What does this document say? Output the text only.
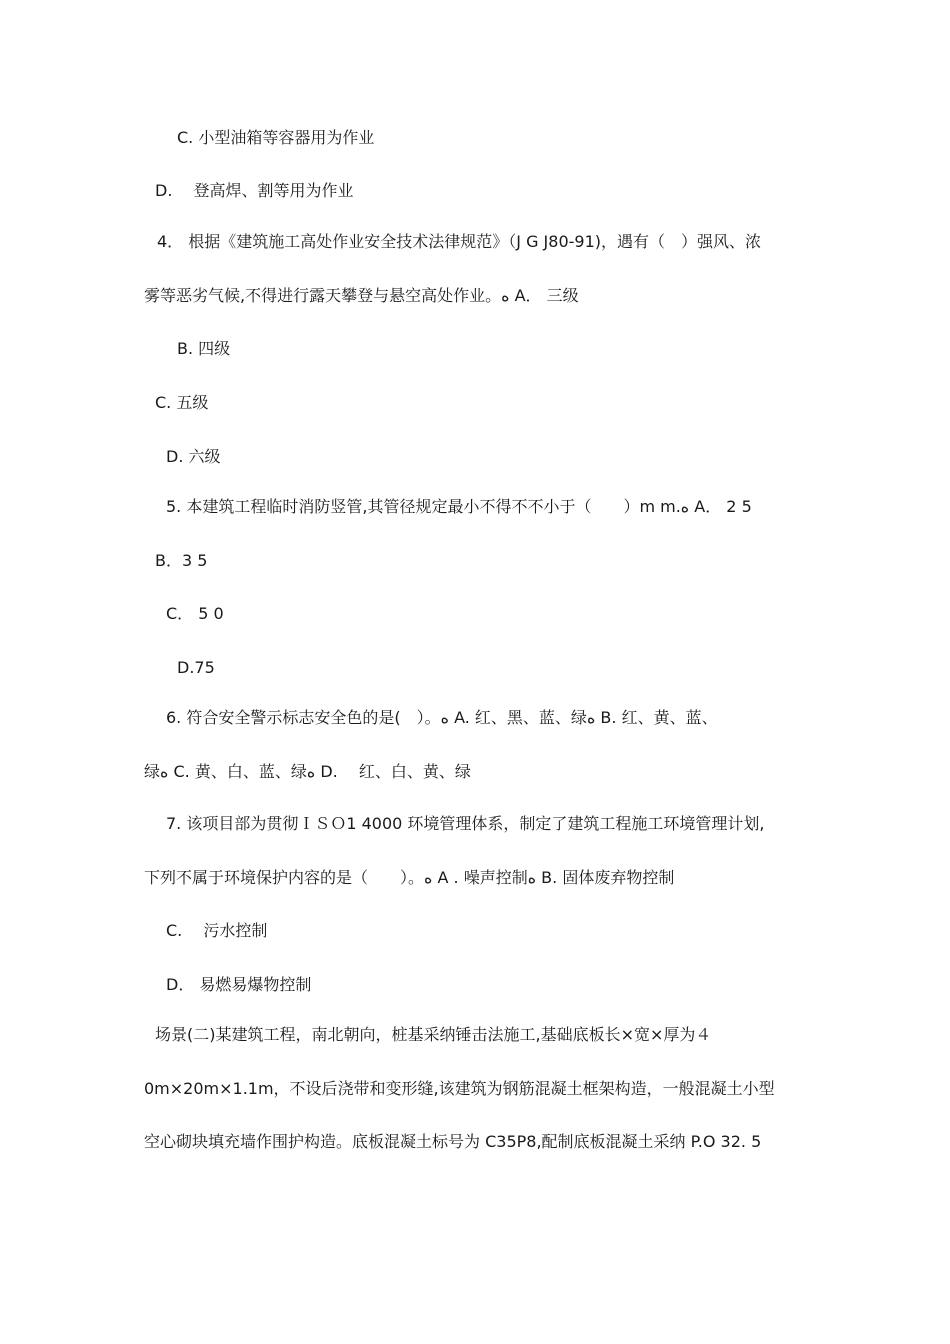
C. 小型油箱等容器用为作业
D.　 登高焊、割等用为作业
4． 根据《建筑施工高处作业安全技术法律规范》（J G J80-91)，遇有（　）强风、浓
雾等恶劣气候,不得进行露天攀登与悬空高处作业。ﻩ A． 三级
B. 四级
C. 五级
D. 六级
5. 本建筑工程临时消防竖管,其管径规定最小不得不不小于（　　）m m.ﻩ A． 2 5
B．3 5
C． 5 0
D.75
6. 符合安全警示标志安全色的是(　）。ﻩ A. 红、黑、蓝、绿ﻩ B. 红、黄、蓝、
绿ﻩ C. 黄、白、蓝、绿ﻩ D.　 红、白、黄、绿
7. 该项目部为贯彻ＩＳＯ1 4000 环境管理体系，制定了建筑工程施工环境管理计划,
下列不属于环境保护内容的是（　　）。ﻩ A . 噪声控制ﻩ B. 固体废弃物控制
C.　 污水控制
D． 易燃易爆物控制
场景(二)某建筑工程，南北朝向，桩基采纳锤击法施工,基础底板长×宽×厚为４
0m×20m×1.1m，不设后浇带和变形缝,该建筑为钢筋混凝土框架构造，一般混凝土小型
空心砌块填充墙作围护构造。底板混凝土标号为 C35P8,配制底板混凝土采纳 P.O 32. 5
